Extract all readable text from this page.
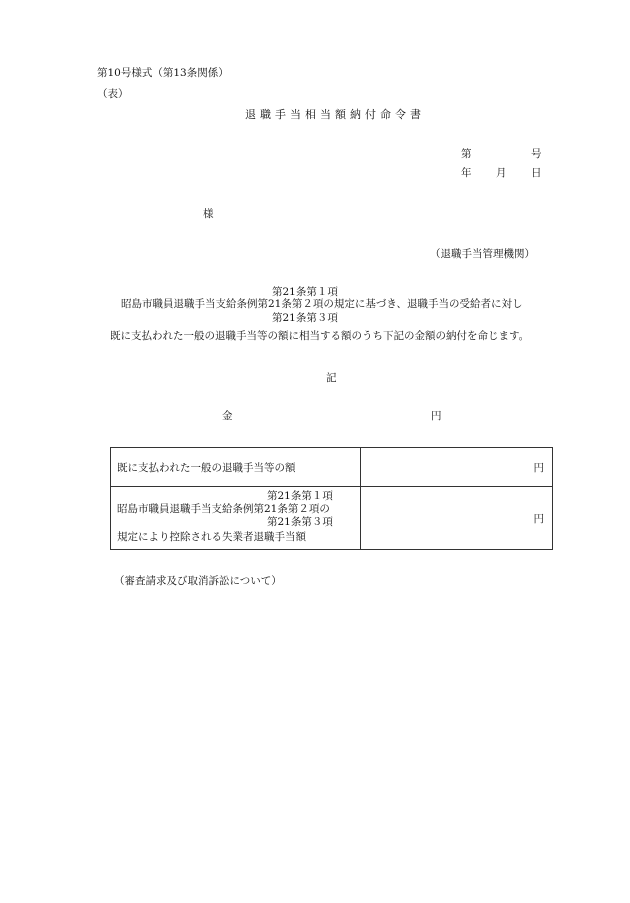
第10号様式（第13条関係）
（表）
退職手当相当額納付命令書
第	号
年 月 日
様
（退職手当管理機関）
第21条第１項
昭島市職員退職手当支給条例第21条第２項の規定に基づき、退職手当の受給者に対し
第21条第３項
既に支払われた一般の退職手当等の額に相当する額のうち下記の金額の納付を命じます。
記
金	円
既に支払われた一般の退職手当等の額	円

第21条第１項
昭島市職員退職手当支給条例第21条第２項の
第21条第３項
規定により控除される失業者退職手当額	円
（審査請求及び取消訴訟について）
